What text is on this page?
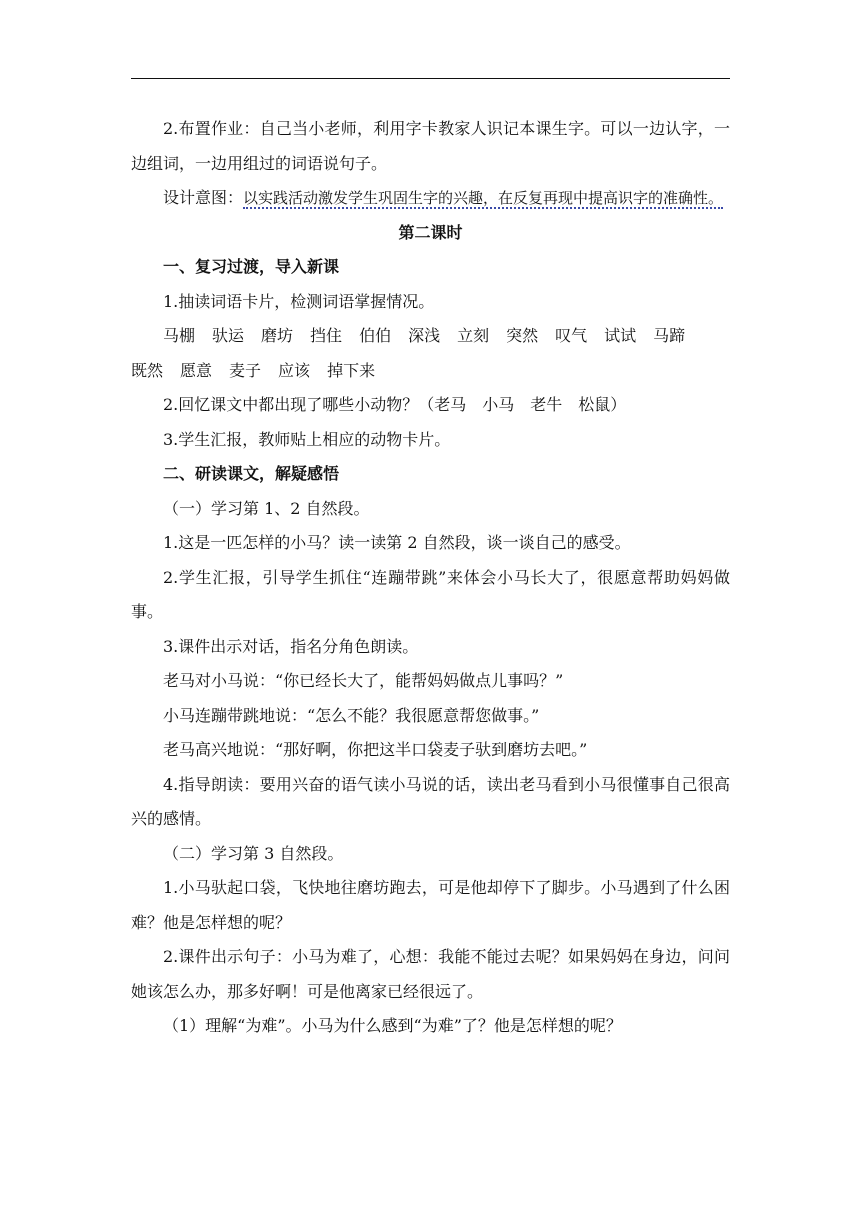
2.布置作业：自己当小老师，利用字卡教家人识记本课生字。可以一边认字，一边组词，一边用组过的词语说句子。

设计意图：以实践活动激发学生巩固生字的兴趣，在反复再现中提高识字的准确性。

第二课时

一、复习过渡，导入新课

1.抽读词语卡片，检测词语掌握情况。

马棚 驮运 磨坊 挡住 伯伯 深浅 立刻 突然 叹气 试试 马蹄
既然 愿意 麦子 应该 掉下来

2.回忆课文中都出现了哪些小动物？（老马　小马　老牛　松鼠）

3.学生汇报，教师贴上相应的动物卡片。

二、研读课文，解疑感悟

（一）学习第 1、2 自然段。

1.这是一匹怎样的小马？读一读第 2 自然段，谈一谈自己的感受。

2.学生汇报，引导学生抓住“连蹦带跳”来体会小马长大了，很愿意帮助妈妈做事。

3.课件出示对话，指名分角色朗读。

老马对小马说：“你已经长大了，能帮妈妈做点儿事吗？”

小马连蹦带跳地说：“怎么不能？我很愿意帮您做事。”

老马高兴地说：“那好啊，你把这半口袋麦子驮到磨坊去吧。”

4.指导朗读：要用兴奋的语气读小马说的话，读出老马看到小马很懂事自己很高兴的感情。

（二）学习第 3 自然段。

1.小马驮起口袋，飞快地往磨坊跑去，可是他却停下了脚步。小马遇到了什么困难？他是怎样想的呢？

2.课件出示句子：小马为难了，心想：我能不能过去呢？如果妈妈在身边，问问她该怎么办，那多好啊！可是他离家已经很远了。

（1）理解“为难”。小马为什么感到“为难”了？他是怎样想的呢？
